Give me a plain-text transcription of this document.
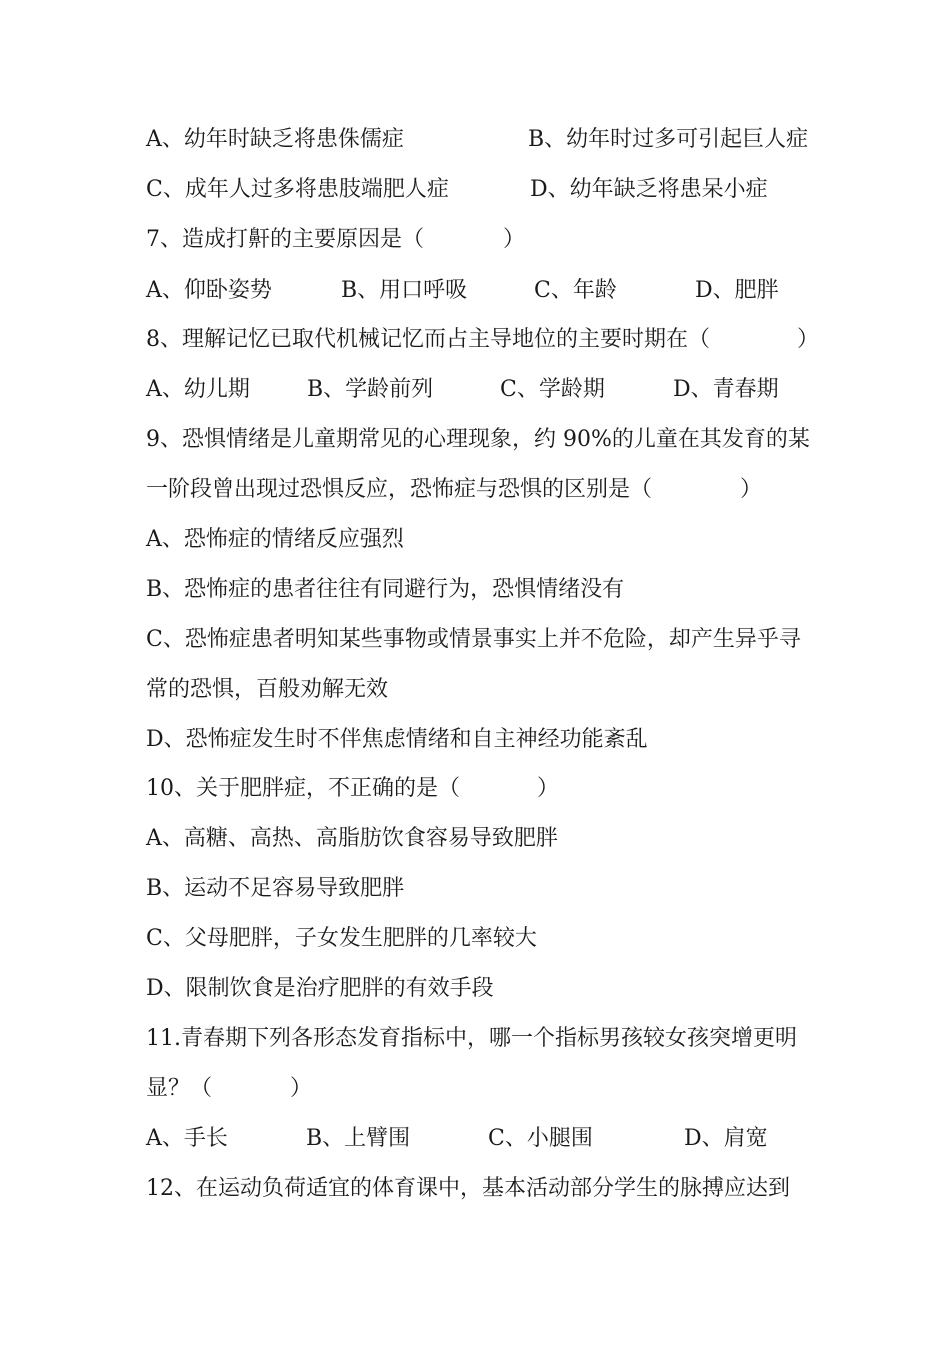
A、幼年时缺乏将患侏儒症

	B、幼年时过多可引起巨人症

C、成年人过多将患肢端肥人症

	D、幼年缺乏将患呆小症

7、造成打鼾的主要原因是（

	）

A、仰卧姿势

	B、用口呼吸

	C、年龄

	D、肥胖

8、理解记忆已取代机械记忆而占主导地位的主要时期在（

	）

A、幼儿期

	B、学龄前列

	C、学龄期

	D、青春期

9、恐惧情绪是儿童期常见的心理现象，约 90%的儿童在其发育的某

一阶段曾出现过恐惧反应，恐怖症与恐惧的区别是（

	）

A、恐怖症的情绪反应强烈
B、恐怖症的患者往往有同避行为，恐惧情绪没有
C、恐怖症患者明知某些事物或情景事实上并不危险，却产生异乎寻
常的恐惧，百般劝解无效
D、恐怖症发生时不伴焦虑情绪和自主神经功能紊乱

10、关于肥胖症，不正确的是（

	）

A、高糖、高热、高脂肪饮食容易导致肥胖
B、运动不足容易导致肥胖
C、父母肥胖，子女发生肥胖的几率较大
D、限制饮食是治疗肥胖的有效手段
11.青春期下列各形态发育指标中，哪一个指标男孩较女孩突增更明

显？（

	）

A、手长

	B、上臂围

	C、小腿围

	D、肩宽

12、在运动负荷适宜的体育课中，基本活动部分学生的脉搏应达到
